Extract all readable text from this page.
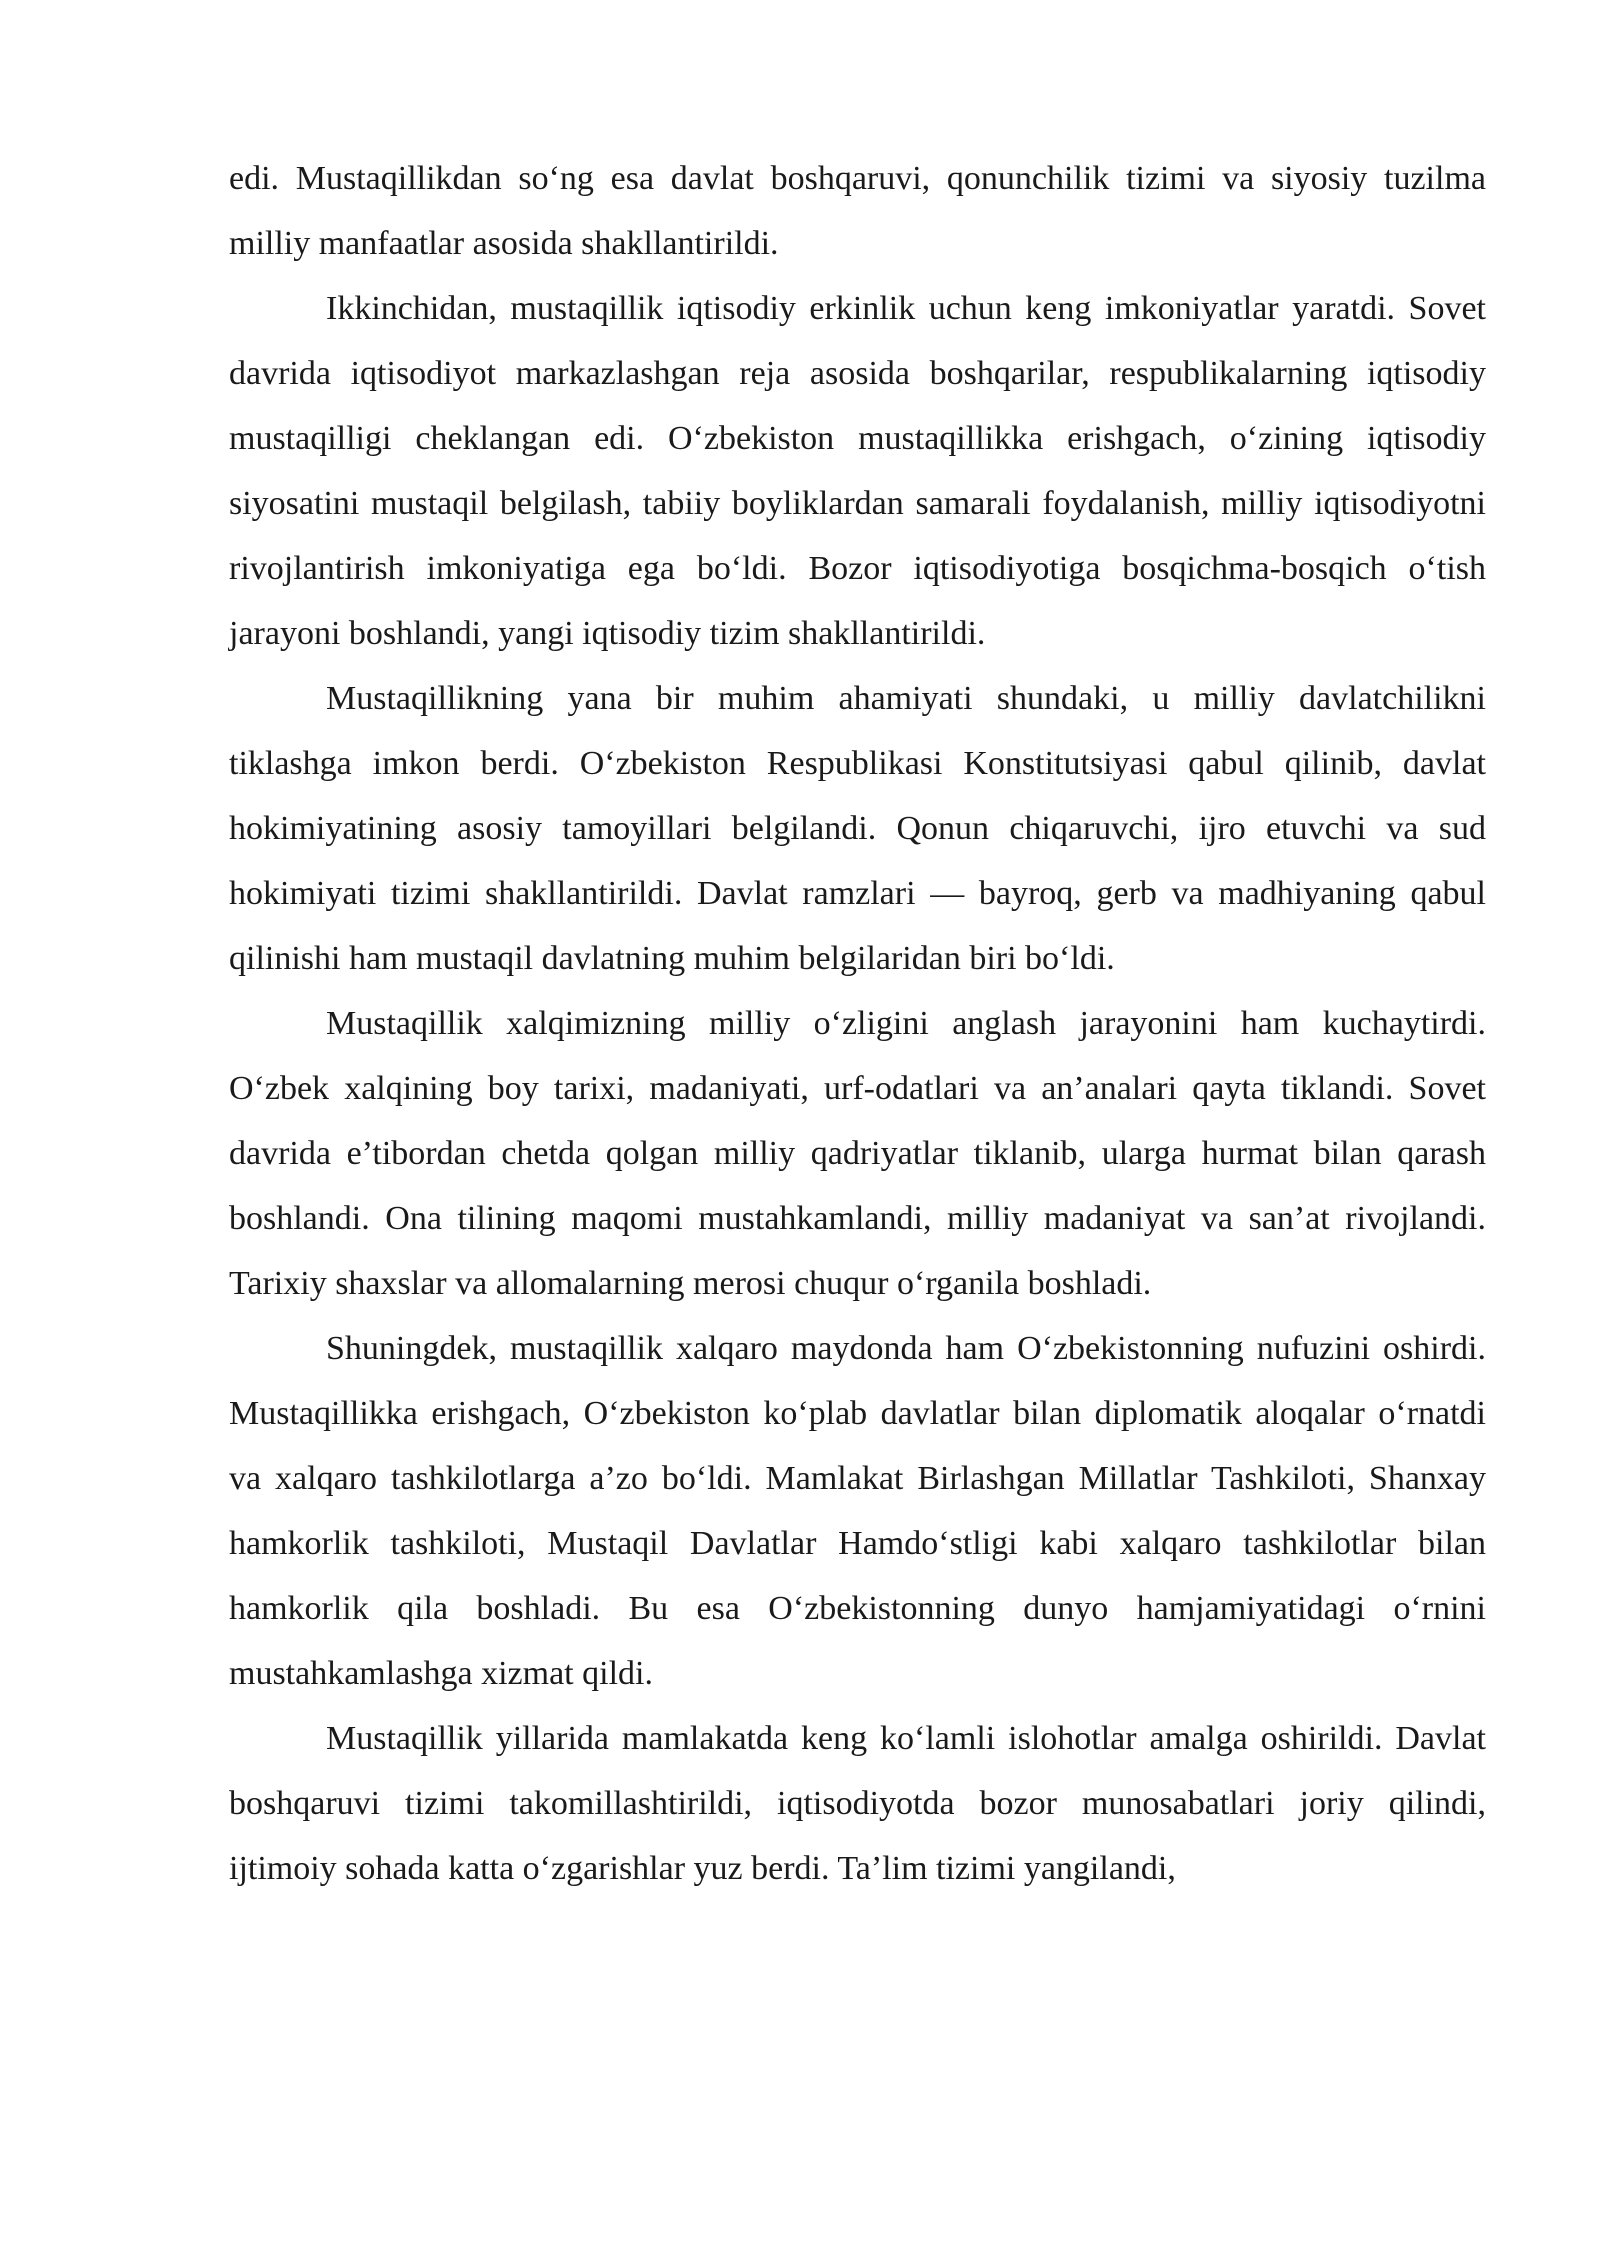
edi. Mustaqillikdan so‘ng esa davlat boshqaruvi, qonunchilik tizimi va siyosiy tuzilma milliy manfaatlar asosida shakllantirildi.

Ikkinchidan, mustaqillik iqtisodiy erkinlik uchun keng imkoniyatlar yaratdi. Sovet davrida iqtisodiyot markazlashgan reja asosida boshqarilar, respublikalarning iqtisodiy mustaqilligi cheklangan edi. O‘zbekiston mustaqillikka erishgach, o‘zining iqtisodiy siyosatini mustaqil belgilash, tabiiy boyliklardan samarali foydalanish, milliy iqtisodiyotni rivojlantirish imkoniyatiga ega bo‘ldi. Bozor iqtisodiyotiga bosqichma-bosqich o‘tish jarayoni boshlandi, yangi iqtisodiy tizim shakllantirildi.

Mustaqillikning yana bir muhim ahamiyati shundaki, u milliy davlatchilikni tiklashga imkon berdi. O‘zbekiston Respublikasi Konstitutsiyasi qabul qilinib, davlat hokimiyatining asosiy tamoyillari belgilandi. Qonun chiqaruvchi, ijro etuvchi va sud hokimiyati tizimi shakllantirildi. Davlat ramzlari — bayroq, gerb va madhiyaning qabul qilinishi ham mustaqil davlatning muhim belgilaridan biri bo‘ldi.

Mustaqillik xalqimizning milliy o‘zligini anglash jarayonini ham kuchaytirdi. O‘zbek xalqining boy tarixi, madaniyati, urf-odatlari va an’analari qayta tiklandi. Sovet davrida e’tibordan chetda qolgan milliy qadriyatlar tiklanib, ularga hurmat bilan qarash boshlandi. Ona tilining maqomi mustahkamlandi, milliy madaniyat va san’at rivojlandi. Tarixiy shaxslar va allomalarning merosi chuqur o‘rganila boshladi.

Shuningdek, mustaqillik xalqaro maydonda ham O‘zbekistonning nufuzini oshirdi. Mustaqillikka erishgach, O‘zbekiston ko‘plab davlatlar bilan diplomatik aloqalar o‘rnatdi va xalqaro tashkilotlarga a’zo bo‘ldi. Mamlakat Birlashgan Millatlar Tashkiloti, Shanxay hamkorlik tashkiloti, Mustaqil Davlatlar Hamdo‘stligi kabi xalqaro tashkilotlar bilan hamkorlik qila boshladi. Bu esa O‘zbekistonning dunyo hamjamiyatidagi o‘rnini mustahkamlashga xizmat qildi.

Mustaqillik yillarida mamlakatda keng ko‘lamli islohotlar amalga oshirildi. Davlat boshqaruvi tizimi takomillashtirildi, iqtisodiyotda bozor munosabatlari joriy qilindi, ijtimoiy sohada katta o‘zgarishlar yuz berdi. Ta’lim tizimi yangilandi,
